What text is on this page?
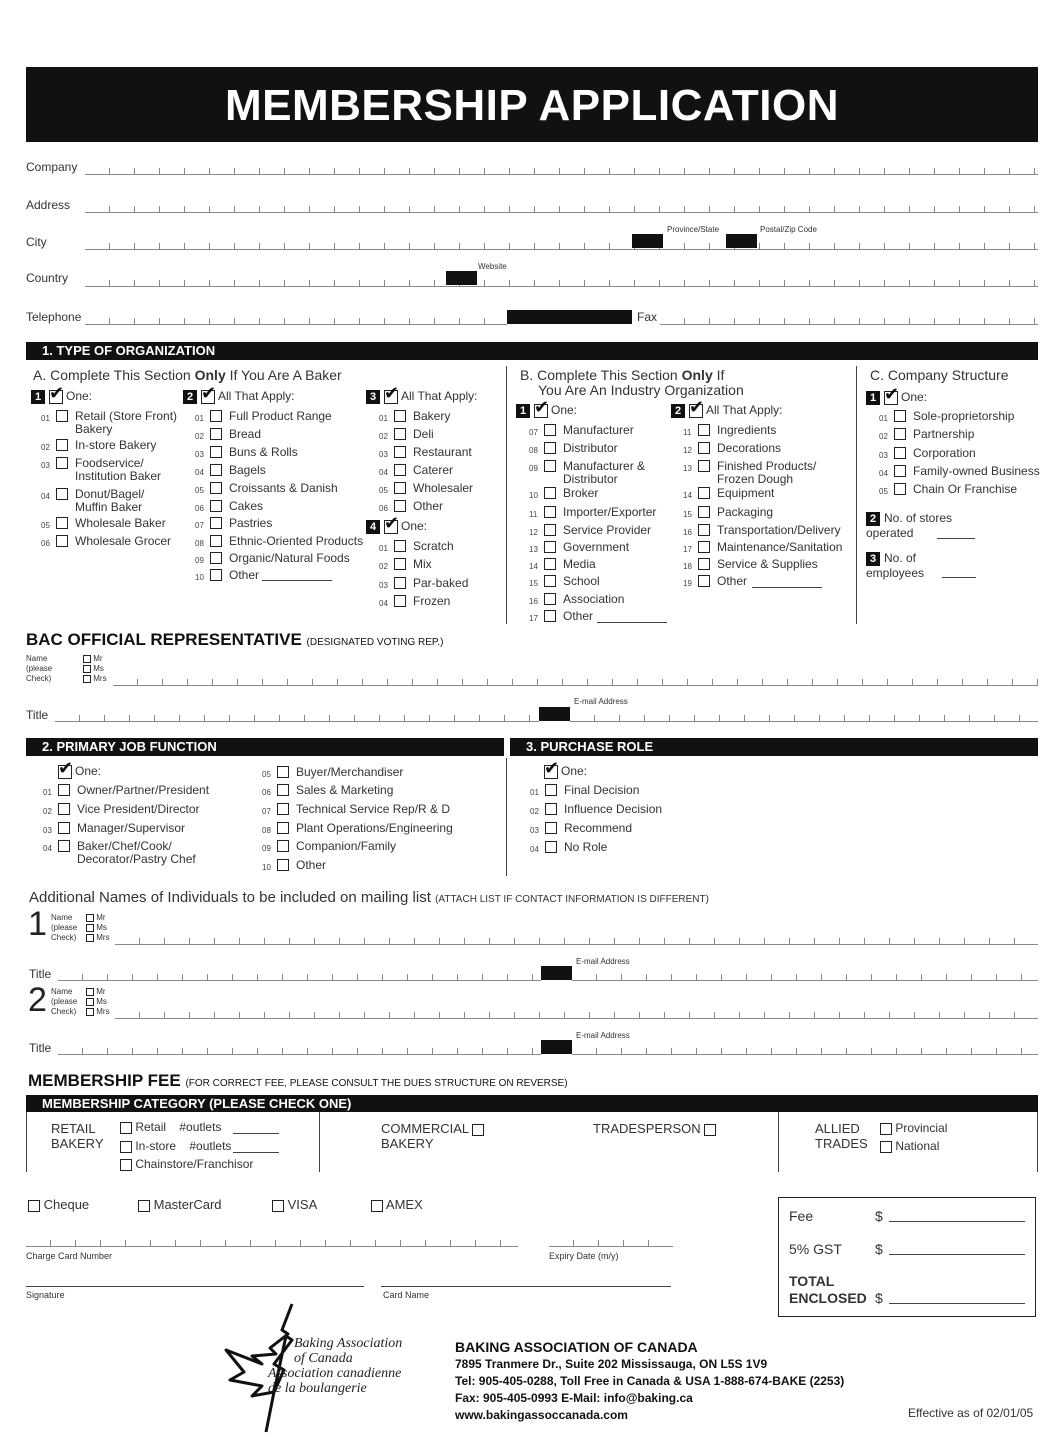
MEMBERSHIP APPLICATION
Company
Address
City
Province/State	Postal/Zip Code
Country
Website
Telephone	Fax
1. TYPE OF ORGANIZATION
A. Complete This Section Only If You Are A Baker	B. Complete This Section Only If
You Are An Industry Organization
C. Company Structure
1 ✔ One:	2 ✔ All That Apply:	3 ✔ All That Apply:
4 ✔ One:
01 Retail (Store Front) Bakery
02 In-store Bakery
03 Foodservice/ Institution Baker
04 Donut/Bagel/ Muffin Baker
05 Wholesale Baker
06 Wholesale Grocer
01 Full Product Range
02 Bread
03 Buns & Rolls
04 Bagels
05 Croissants & Danish
06 Cakes
07 Pastries
08 Ethnic-Oriented Products
09 Organic/Natural Foods
10 Other
01 Bakery
02 Deli
03 Restaurant
04 Caterer
05 Wholesaler
06 Other
01 Scratch
02 Mix
03 Par-baked
04 Frozen
1 ✔ One:	2 ✔ All That Apply:
07 Manufacturer
08 Distributor
09 Manufacturer & Distributor
10 Broker
11 Importer/Exporter
12 Service Provider
13 Government
14 Media
15 School
16 Association
17 Other
11 Ingredients
12 Decorations
13 Finished Products/ Frozen Dough
14 Equipment
15 Packaging
16 Transportation/Delivery
17 Maintenance/Sanitation
18 Service & Supplies
19 Other
1 ✔ One:
01 Sole-proprietorship
02 Partnership
03 Corporation
04 Family-owned Business
05 Chain Or Franchise
2 No. of stores operated
3 No. of employees
BAC OFFICIAL REPRESENTATIVE (DESIGNATED VOTING REP.)
Name
(please
Check)
Mr
Ms
Mrs
Title
E-mail Address
2. PRIMARY JOB FUNCTION	3. PURCHASE ROLE
✔One:
01 Owner/Partner/President
02 Vice President/Director
03 Manager/Supervisor
04 Baker/Chef/Cook/ Decorator/Pastry Chef
05 Buyer/Merchandiser
06 Sales & Marketing
07 Technical Service Rep/R & D
08 Plant Operations/Engineering
09 Companion/Family
10 Other
✔One:
01 Final Decision
02 Influence Decision
03 Recommend
04 No Role
Additional Names of Individuals to be included on mailing list (ATTACH LIST IF CONTACT INFORMATION IS DIFFERENT)
1 Name
(please
Check)
Mr
Ms
Mrs
Title
E-mail Address
2 Name
(please
Check)
Mr
Ms
Mrs
Title
E-mail Address
MEMBERSHIP FEE (FOR CORRECT FEE, PLEASE CONSULT THE DUES STRUCTURE ON REVERSE)
MEMBERSHIP CATEGORY (PLEASE CHECK ONE)
RETAIL
BAKERY
Retail #outlets
In-store #outlets
Chainstore/Franchisor
COMMERCIAL
BAKERY
TRADESPERSON	ALLIED
TRADES
Provincial
National
Cheque	MasterCard	VISA	AMEX
Charge Card Number	Expiry Date (m/y)
Signature	Card Name
Fee	$
5% GST $
TOTAL
ENCLOSED $
Baking Association
of Canada
Association canadienne
de la boulangerie
BAKING ASSOCIATION OF CANADA
7895 Tranmere Dr., Suite 202 Mississauga, ON L5S 1V9
Tel: 905-405-0288, Toll Free in Canada & USA 1-888-674-BAKE (2253)
Fax: 905-405-0993 E-Mail: info@baking.ca
www.bakingassoccanada.com	Effective as of 02/01/05
